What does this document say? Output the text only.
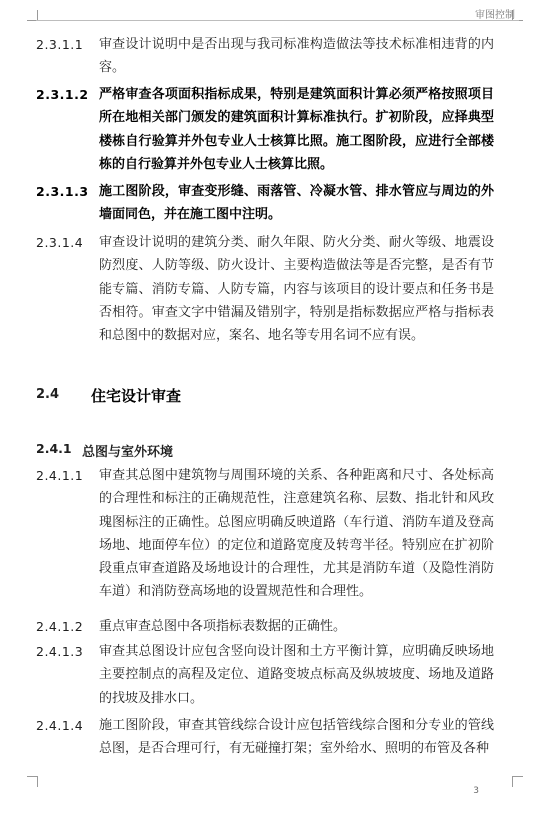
审图控制
2.3.1.1 审查设计说明中是否出现与我司标准构造做法等技术标准相违背的内容。
2.3.1.2 严格审查各项面积指标成果，特别是建筑面积计算必须严格按照项目所在地相关部门颁发的建筑面积计算标准执行。扩初阶段，应择典型楼栋自行验算并外包专业人士核算比照。施工图阶段，应进行全部楼栋的自行验算并外包专业人士核算比照。
2.3.1.3 施工图阶段，审查变形缝、雨落管、冷凝水管、排水管应与周边的外墙面同色，并在施工图中注明。
2.3.1.4 审查设计说明的建筑分类、耐久年限、防火分类、耐火等级、地震设防烈度、人防等级、防火设计、主要构造做法等是否完整，是否有节能专篇、消防专篇、人防专篇，内容与该项目的设计要点和任务书是否相符。审查文字中错漏及错别字，特别是指标数据应严格与指标表和总图中的数据对应，案名、地名等专用名词不应有误。
2.4 住宅设计审查
2.4.1 总图与室外环境
2.4.1.1 审查其总图中建筑物与周围环境的关系、各种距离和尺寸、各处标高的合理性和标注的正确规范性，注意建筑名称、层数、指北针和风玫瑰图标注的正确性。总图应明确反映道路（车行道、消防车道及登高场地、地面停车位）的定位和道路宽度及转弯半径。特别应在扩初阶段重点审查道路及场地设计的合理性，尤其是消防车道（及隐性消防车道）和消防登高场地的设置规范性和合理性。
2.4.1.2 重点审查总图中各项指标表数据的正确性。
2.4.1.3 审查其总图设计应包含竖向设计图和土方平衡计算，应明确反映场地主要控制点的高程及定位、道路变坡点标高及纵坡坡度、场地及道路的找坡及排水口。
2.4.1.4 施工图阶段，审查其管线综合设计应包括管线综合图和分专业的管线总图，是否合理可行，有无碰撞打架；室外给水、照明的布管及各种
3
